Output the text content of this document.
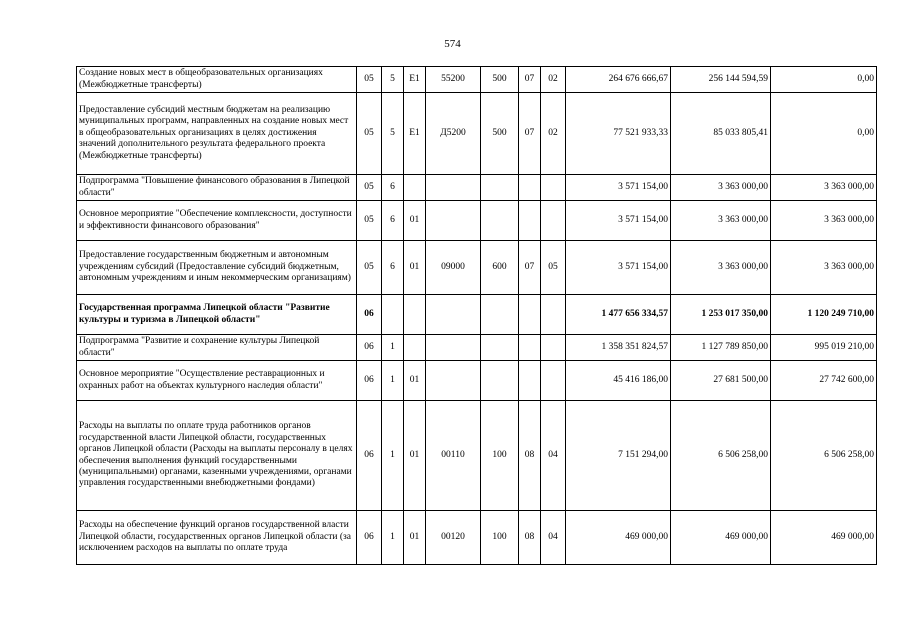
574
Создание новых мест в общеобразовательных организациях (Межбюджетные трансферты)	05	5	E1	55200	500	07	02	264 676 666,67	256 144 594,59	0,00
Предоставление субсидий местным бюджетам на реализацию муниципальных программ, направленных на создание новых мест в общеобразовательных организациях в целях достижения значений дополнительного результата федерального проекта (Межбюджетные трансферты)	05	5	E1	Д5200	500	07	02	77 521 933,33	85 033 805,41	0,00
Подпрограмма "Повышение финансового образования в Липецкой области"	05	6						3 571 154,00	3 363 000,00	3 363 000,00
Основное мероприятие "Обеспечение комплексности, доступности и эффективности финансового образования"	05	6	01					3 571 154,00	3 363 000,00	3 363 000,00
Предоставление государственным бюджетным и автономным учреждениям субсидий (Предоставление субсидий бюджетным, автономным учреждениям и иным некоммерческим организациям)	05	6	01	09000	600	07	05	3 571 154,00	3 363 000,00	3 363 000,00
Государственная программа Липецкой области "Развитие культуры и туризма в Липецкой области"	06							1 477 656 334,57	1 253 017 350,00	1 120 249 710,00
Подпрограмма "Развитие и сохранение культуры Липецкой области"	06	1						1 358 351 824,57	1 127 789 850,00	995 019 210,00
Основное мероприятие "Осуществление реставрационных и охранных работ на объектах культурного наследия области"	06	1	01					45 416 186,00	27 681 500,00	27 742 600,00
Расходы на выплаты по оплате труда работников органов государственной власти Липецкой области, государственных органов Липецкой области (Расходы на выплаты персоналу в целях обеспечения выполнения функций государственными (муниципальными) органами, казенными учреждениями, органами управления государственными внебюджетными фондами)	06	1	01	00110	100	08	04	7 151 294,00	6 506 258,00	6 506 258,00
Расходы на обеспечение функций органов государственной власти Липецкой области, государственных органов Липецкой области (за исключением расходов на выплаты по оплате труда	06	1	01	00120	100	08	04	469 000,00	469 000,00	469 000,00
